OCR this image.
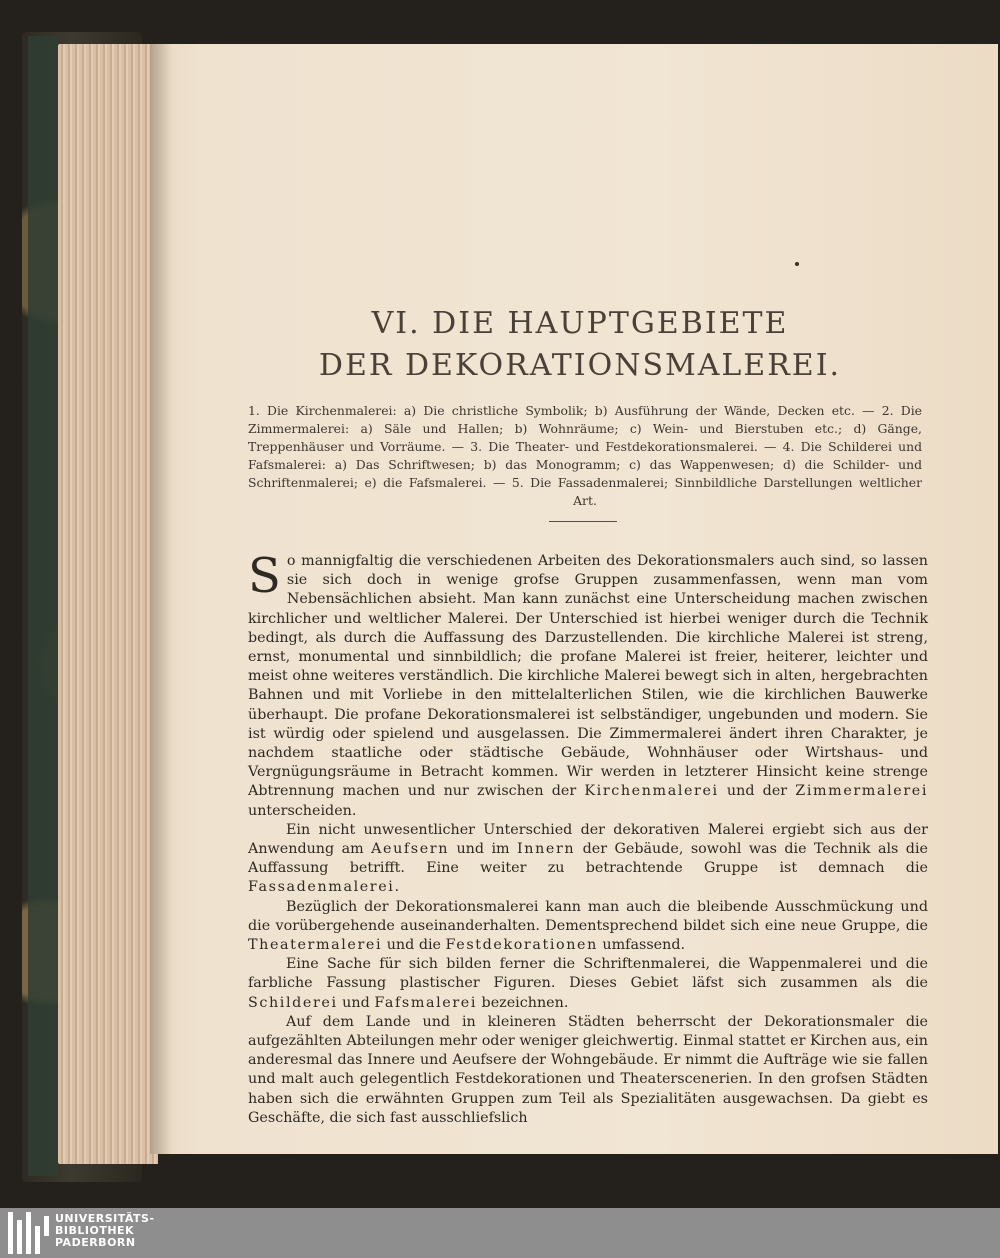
VI. DIE HAUPTGEBIETE
DER DEKORATIONSMALEREI.

1. Die Kirchenmalerei: a) Die christliche Symbolik; b) Ausführung der Wände, Decken etc. — 2. Die Zimmermalerei: a) Säle und Hallen; b) Wohnräume; c) Wein- und Bierstuben etc.; d) Gänge, Treppenhäuser und Vorräume. — 3. Die Theater- und Festdekorationsmalerei. — 4. Die Schilderei und Fafsmalerei: a) Das Schriftwesen; b) das Monogramm; c) das Wappenwesen; d) die Schilder- und Schriftenmalerei; e) die Fafsmalerei. — 5. Die Fassadenmalerei; Sinnbildliche Darstellungen weltlicher Art.

So mannigfaltig die verschiedenen Arbeiten des Dekorationsmalers auch sind, so lassen sie sich doch in wenige grofse Gruppen zusammenfassen, wenn man vom Nebensächlichen absieht. Man kann zunächst eine Unterscheidung machen zwischen kirchlicher und weltlicher Malerei. Der Unterschied ist hierbei weniger durch die Technik bedingt, als durch die Auffassung des Darzustellenden. Die kirchliche Malerei ist streng, ernst, monumental und sinnbildlich; die profane Malerei ist freier, heiterer, leichter und meist ohne weiteres verständlich. Die kirchliche Malerei bewegt sich in alten, hergebrachten Bahnen und mit Vorliebe in den mittelalterlichen Stilen, wie die kirchlichen Bauwerke überhaupt. Die profane Dekorationsmalerei ist selbständiger, ungebunden und modern. Sie ist würdig oder spielend und ausgelassen. Die Zimmermalerei ändert ihren Charakter, je nachdem staatliche oder städtische Gebäude, Wohnhäuser oder Wirtshaus- und Vergnügungsräume in Betracht kommen. Wir werden in letzterer Hinsicht keine strenge Abtrennung machen und nur zwischen der Kirchenmalerei und der Zimmermalerei unterscheiden.

Ein nicht unwesentlicher Unterschied der dekorativen Malerei ergiebt sich aus der Anwendung am Aeufsern und im Innern der Gebäude, sowohl was die Technik als die Auffassung betrifft. Eine weiter zu betrachtende Gruppe ist demnach die Fassadenmalerei.

Bezüglich der Dekorationsmalerei kann man auch die bleibende Ausschmückung und die vorübergehende auseinanderhalten. Dementsprechend bildet sich eine neue Gruppe, die Theatermalerei und die Festdekorationen umfassend.

Eine Sache für sich bilden ferner die Schriftenmalerei, die Wappenmalerei und die farbliche Fassung plastischer Figuren. Dieses Gebiet läfst sich zusammen als die Schilderei und Fafsmalerei bezeichnen.

Auf dem Lande und in kleineren Städten beherrscht der Dekorationsmaler die aufgezählten Abteilungen mehr oder weniger gleichwertig. Einmal stattet er Kirchen aus, ein anderesmal das Innere und Aeufsere der Wohngebäude. Er nimmt die Aufträge wie sie fallen und malt auch gelegentlich Festdekorationen und Theaterscenerien. In den grofsen Städten haben sich die erwähnten Gruppen zum Teil als Spezialitäten ausgewachsen. Da giebt es Geschäfte, die sich fast ausschliefslich

UNIVERSITÄTS-
BIBLIOTHEK
PADERBORN
